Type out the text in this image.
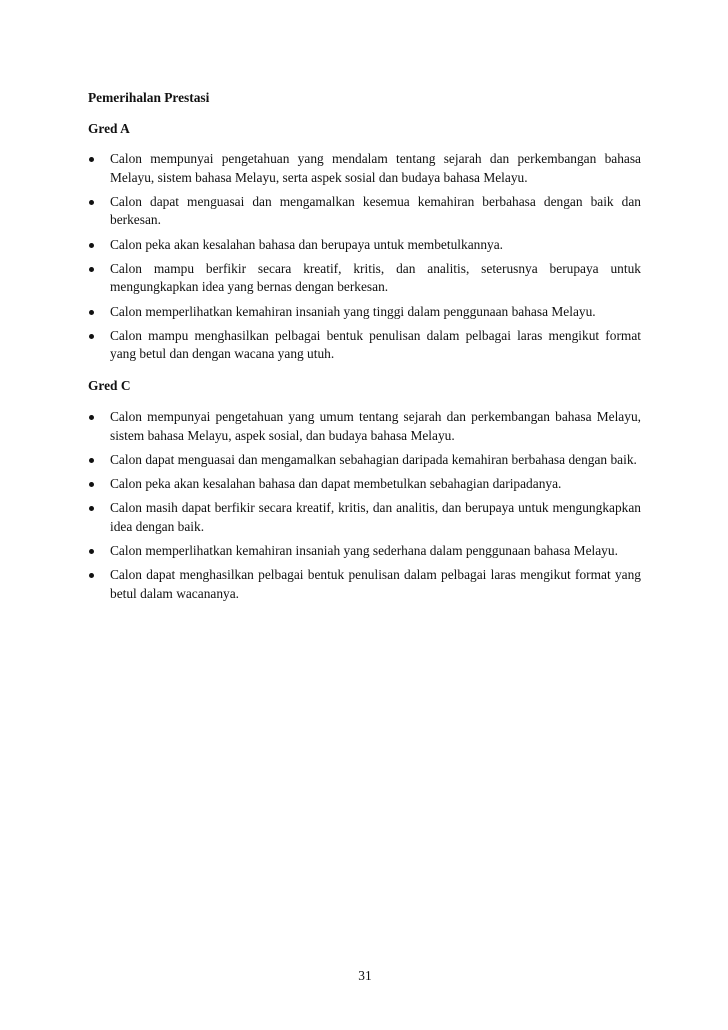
Pemerihalan Prestasi
Gred A
Calon mempunyai pengetahuan yang mendalam tentang sejarah dan perkembangan bahasa Melayu, sistem bahasa Melayu, serta aspek sosial dan budaya bahasa Melayu.
Calon dapat menguasai dan mengamalkan kesemua kemahiran berbahasa dengan baik dan berkesan.
Calon peka akan kesalahan bahasa dan berupaya untuk membetulkannya.
Calon mampu berfikir secara kreatif, kritis, dan analitis, seterusnya berupaya untuk mengungkapkan idea yang bernas dengan berkesan.
Calon memperlihatkan kemahiran insaniah yang tinggi dalam penggunaan bahasa Melayu.
Calon mampu menghasilkan pelbagai bentuk penulisan dalam pelbagai laras mengikut format yang betul dan dengan wacana yang utuh.
Gred C
Calon mempunyai pengetahuan yang umum tentang sejarah dan perkembangan bahasa Melayu, sistem bahasa Melayu, aspek sosial, dan budaya bahasa Melayu.
Calon dapat menguasai dan mengamalkan sebahagian daripada kemahiran berbahasa dengan baik.
Calon peka akan kesalahan bahasa dan dapat membetulkan sebahagian daripadanya.
Calon masih dapat berfikir secara kreatif, kritis, dan analitis, dan berupaya untuk mengungkapkan idea dengan baik.
Calon memperlihatkan kemahiran insaniah yang sederhana dalam penggunaan bahasa Melayu.
Calon dapat menghasilkan pelbagai bentuk penulisan dalam pelbagai laras mengikut format yang betul dalam wacananya.
31
